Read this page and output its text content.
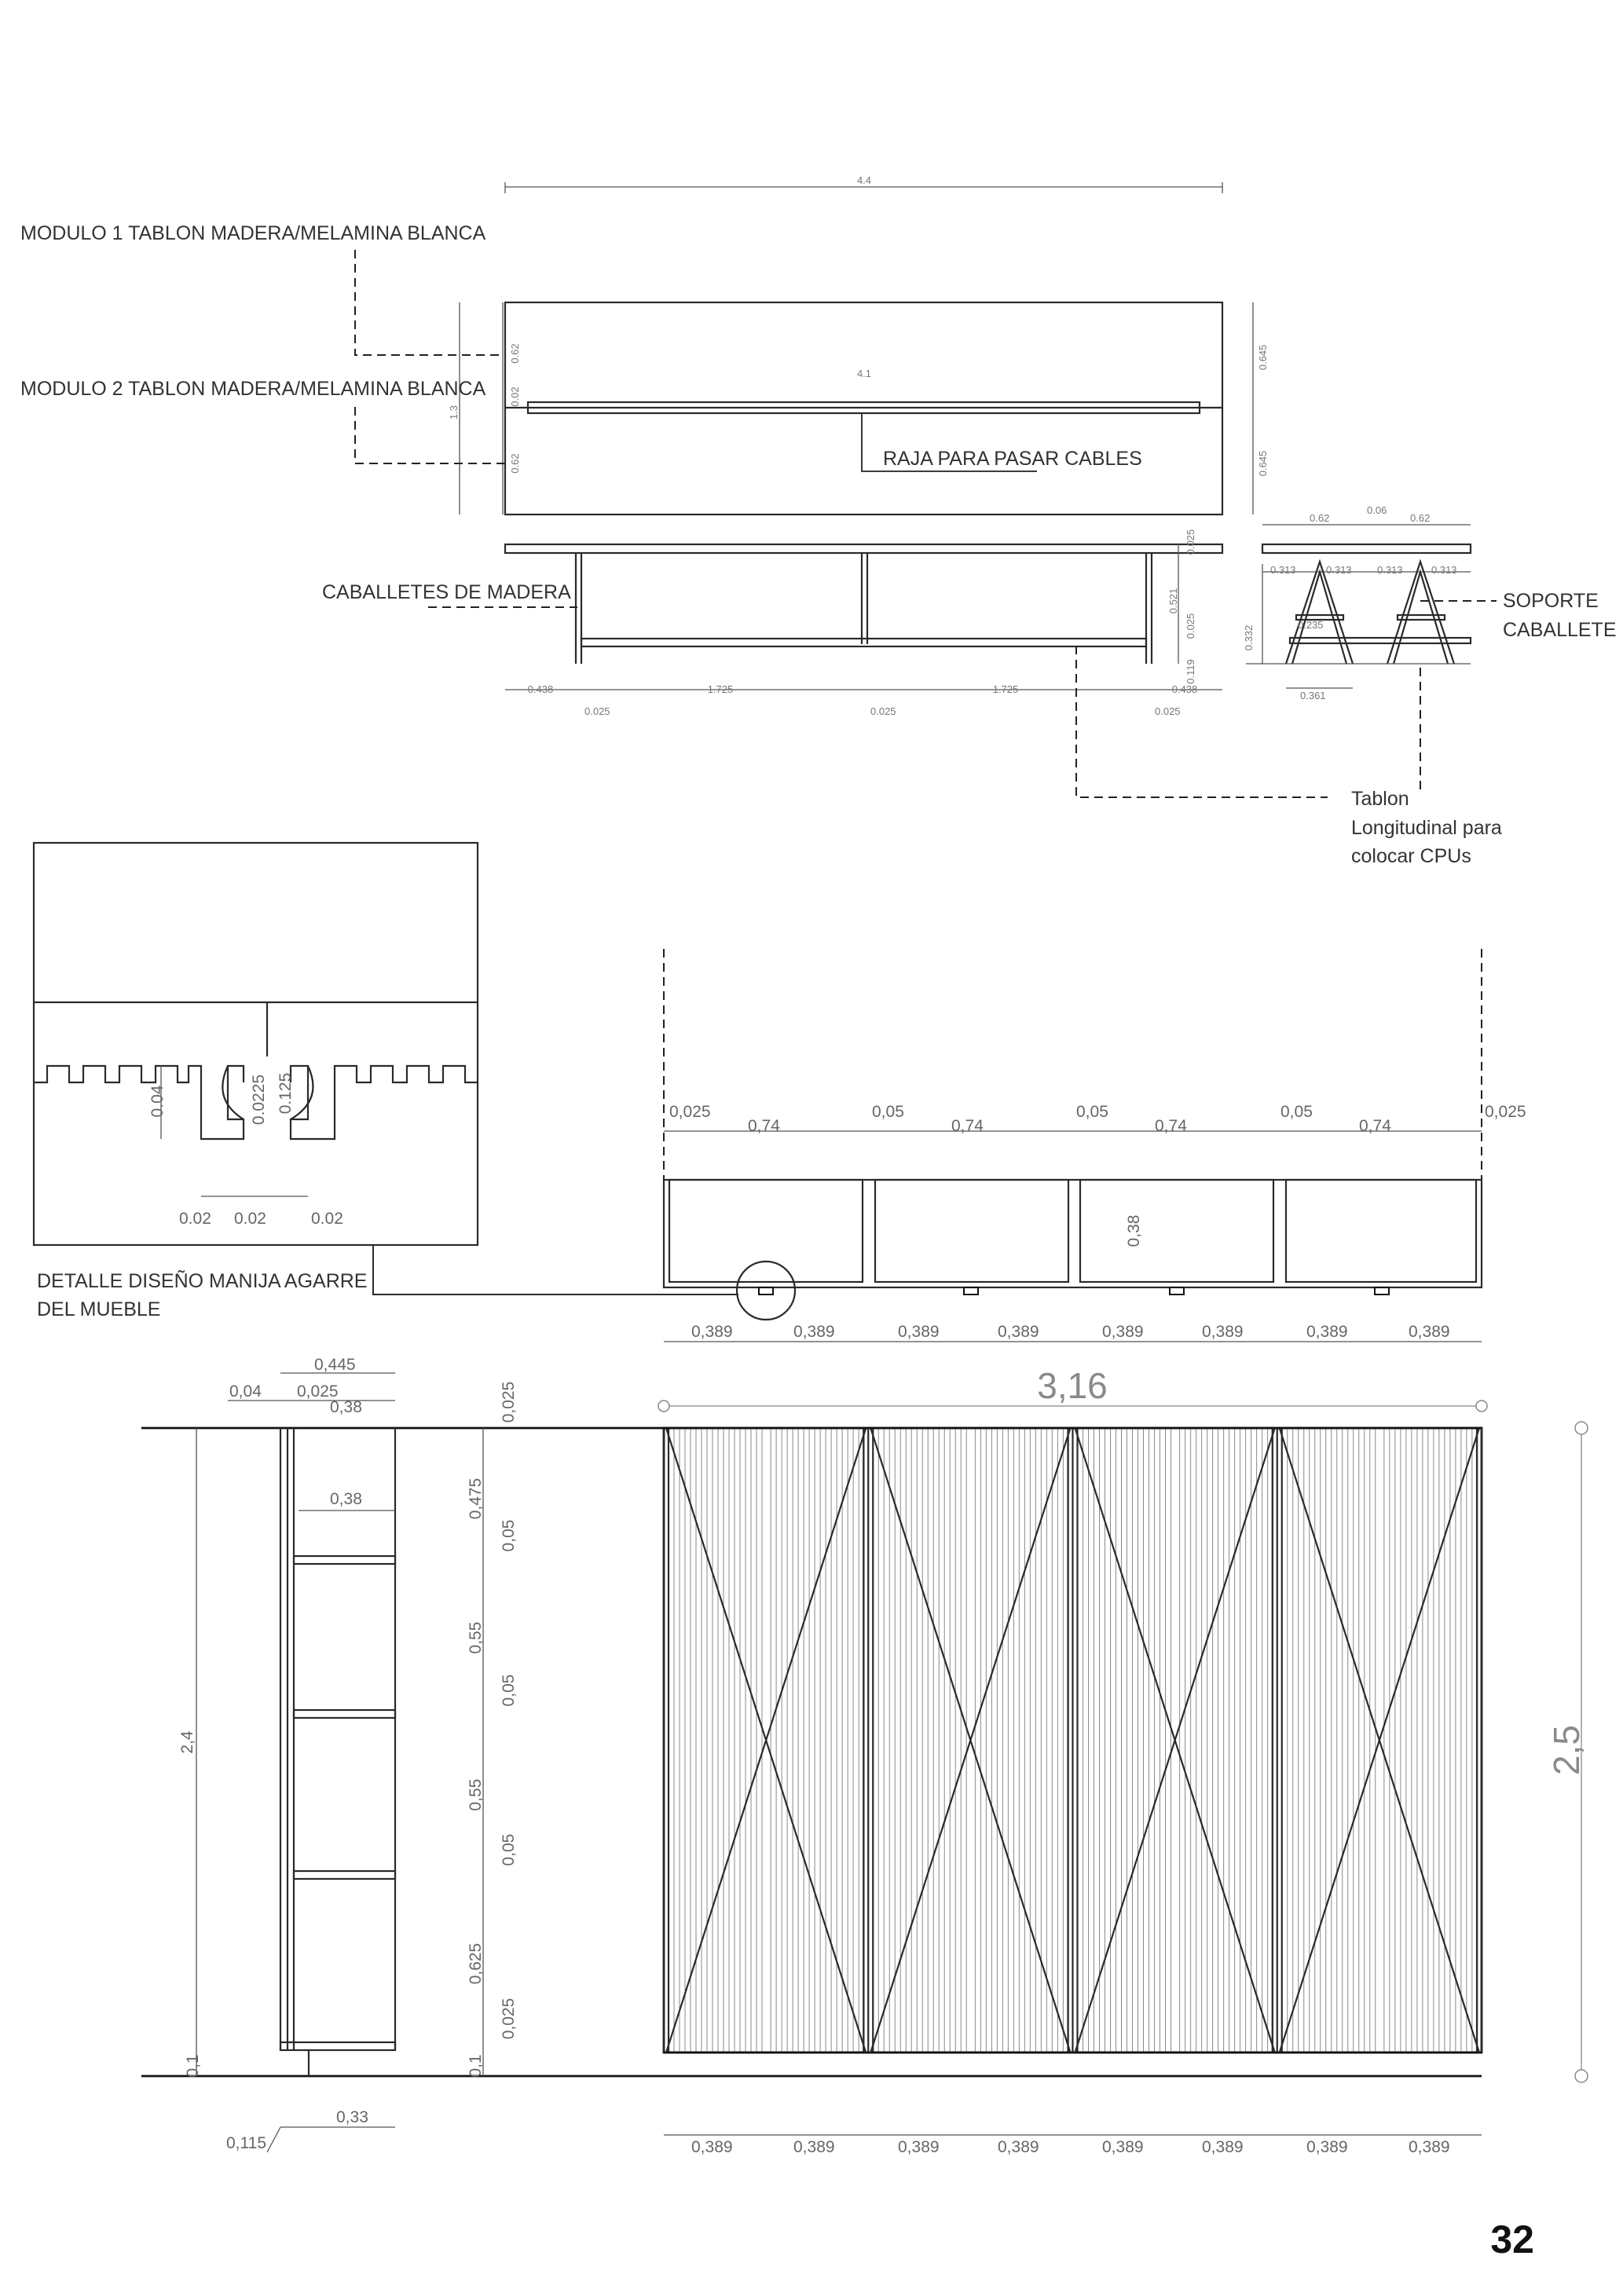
4.4
4.1
1.3
0.62
0.02
0.62
0.645
0.645
MODULO 1 TABLON MADERA/MELAMINA BLANCA
MODULO 2 TABLON MADERA/MELAMINA BLANCA
RAJA PARA PASAR CABLES
0.438	1.725	1.725	0.438
0.025	0.025	0.025
0.025
0.521
0.025
0.119
CABALLETES DE MADERA
0.62
0.06
0.62
0.313	0.313 0.313	0.313
0.235
0.332
0.361
SOPORTE
CABALLETE
Tablon
Longitudinal para
colocar CPUs
0.04	0.0225 0.125
0.02 0.02	0.02
DETALLE DISEÑO MANIJA AGARRE
DEL MUEBLE
0,025
0,74
0,05
0,74
0,05
0,74
0,05
0,74
0,025
0,38
0,389	0,389	0,389	0,389	0,389	0,389	0,389	0,389
3,16
2,5
0,389	0,389	0,389	0,389	0,389	0,389	0,389	0,389
0,445
0,04 0,025
0,38
0,38
2,4
0,1
0,025
0,475
0,05
0,55
0,05
0,55
0,05
0,625
0,025
0,1
0,115
0,33
32
